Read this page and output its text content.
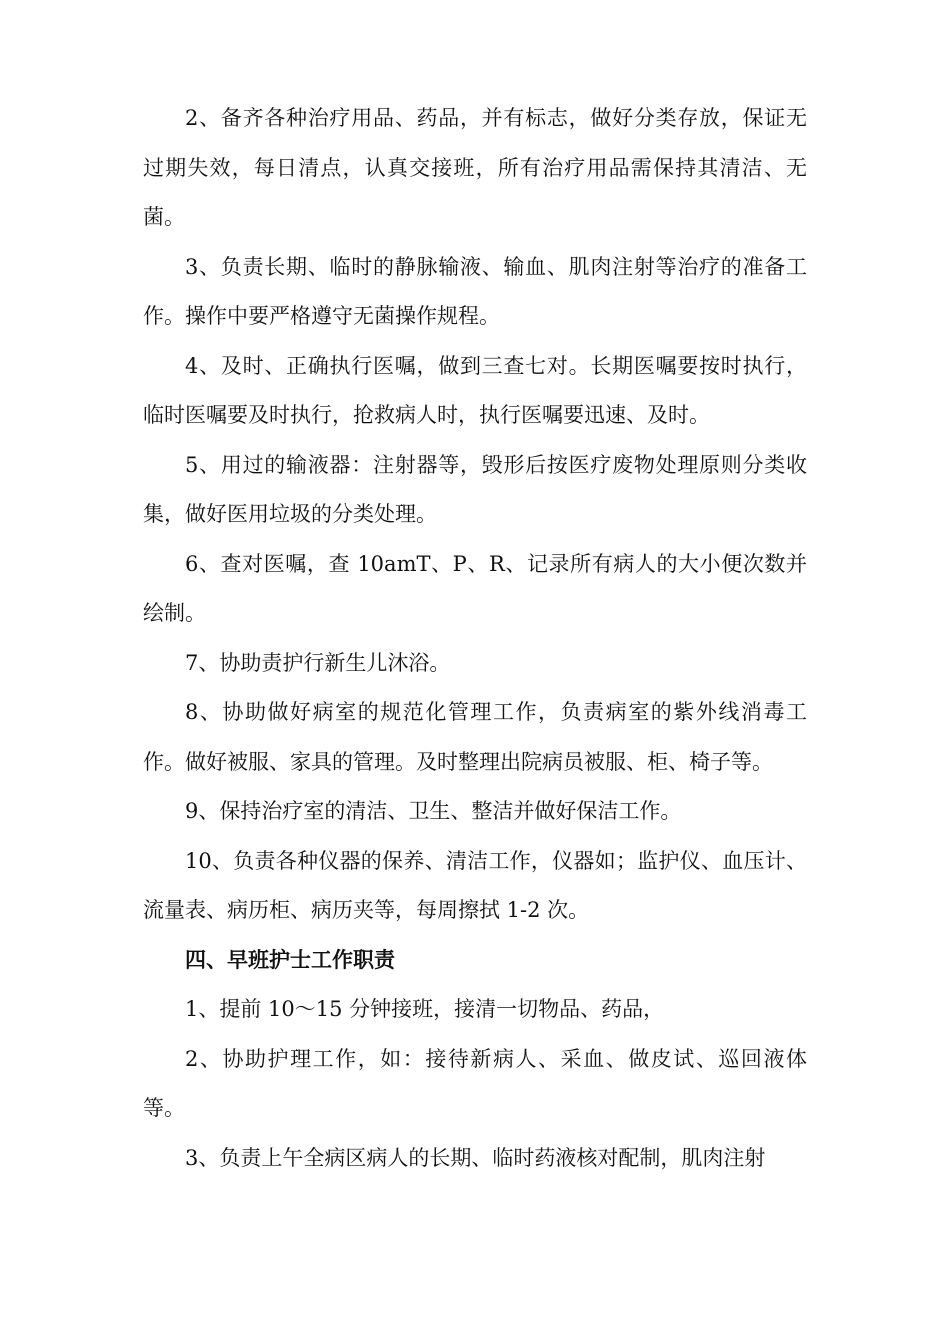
2、备齐各种治疗用品、药品，并有标志，做好分类存放，保证无过期失效，每日清点，认真交接班，所有治疗用品需保持其清洁、无菌。

3、负责长期、临时的静脉输液、输血、肌肉注射等治疗的准备工作。操作中要严格遵守无菌操作规程。

4、及时、正确执行医嘱，做到三查七对。长期医嘱要按时执行，临时医嘱要及时执行，抢救病人时，执行医嘱要迅速、及时。

5、用过的输液器：注射器等，毁形后按医疗废物处理原则分类收集，做好医用垃圾的分类处理。

6、查对医嘱，查 10amT、P、R、记录所有病人的大小便次数并绘制。

7、协助责护行新生儿沐浴。

8、协助做好病室的规范化管理工作，负责病室的紫外线消毒工作。做好被服、家具的管理。及时整理出院病员被服、柜、椅子等。

9、保持治疗室的清洁、卫生、整洁并做好保洁工作。

10、负责各种仪器的保养、清洁工作，仪器如；监护仪、血压计、流量表、病历柜、病历夹等，每周擦拭 1-2 次。

四、早班护士工作职责

1、提前 10～15 分钟接班，接清一切物品、药品，

2、协助护理工作，如：接待新病人、采血、做皮试、巡回液体等。

3、负责上午全病区病人的长期、临时药液核对配制，肌肉注射
